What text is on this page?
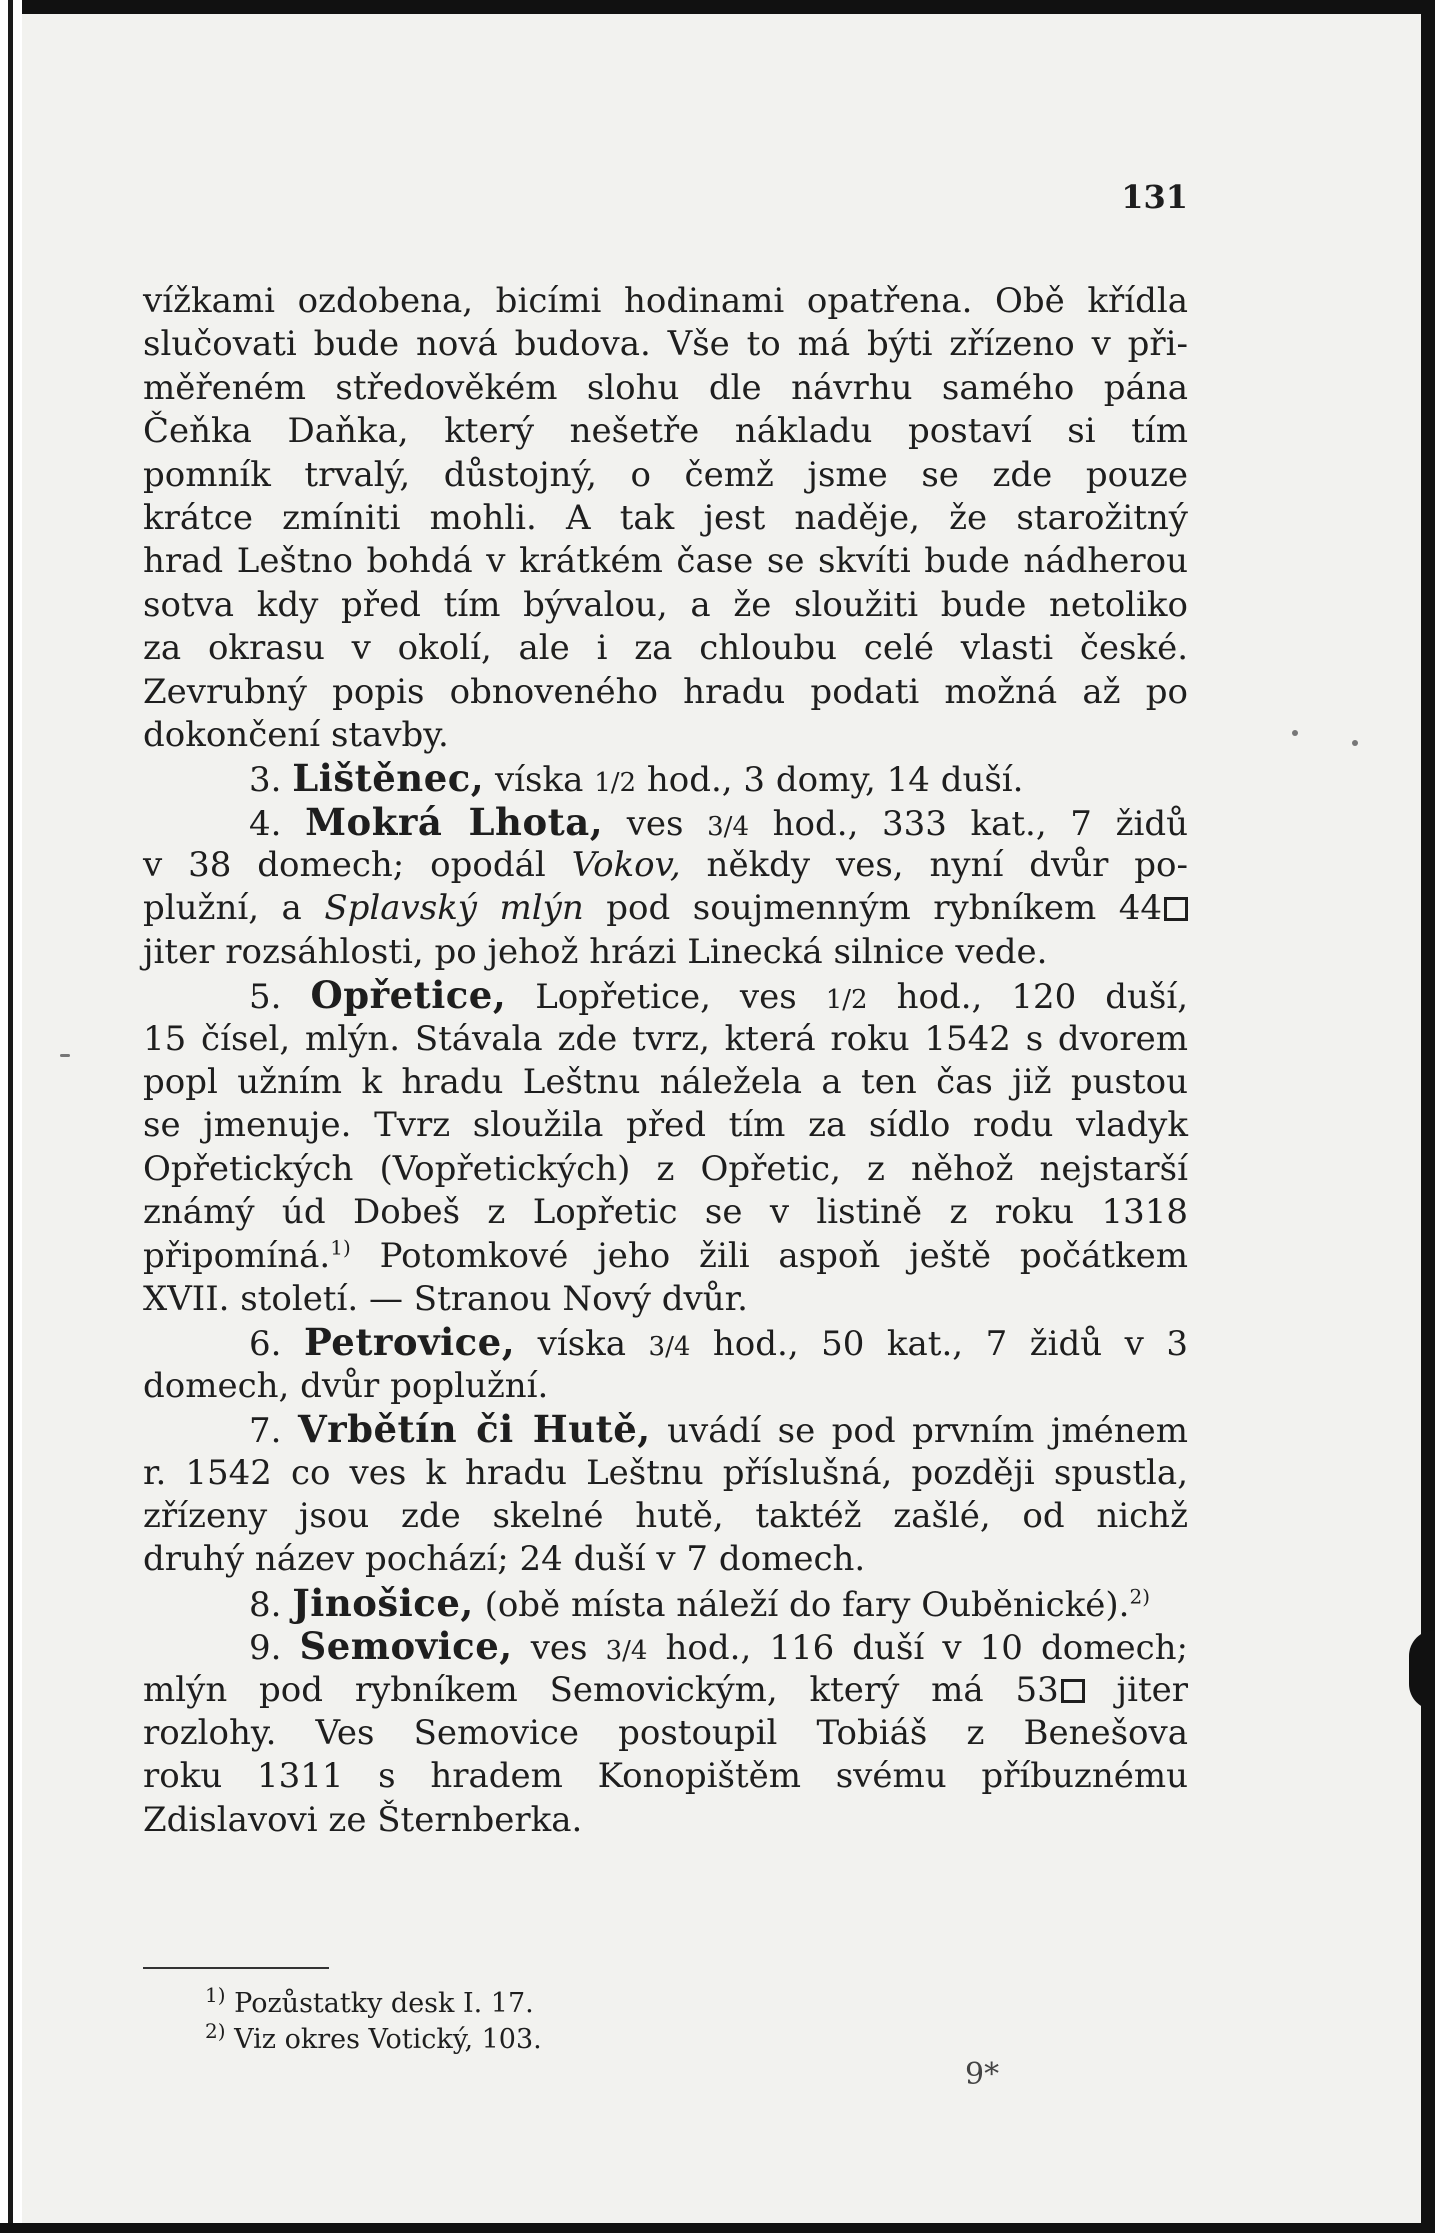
131
vížkami ozdobena, bicími hodinami opatřena. Obě křídla
slučovati bude nová budova. Vše to má býti zřízeno v při-
měřeném středověkém slohu dle návrhu samého pána
Čeňka Daňka, který nešetře nákladu postaví si tím
pomník trvalý, důstojný, o čemž jsme se zde pouze
krátce zmíniti mohli. A tak jest naděje, že starožitný
hrad Leštno bohdá v krátkém čase se skvíti bude nádherou
sotva kdy před tím bývalou, a že sloužiti bude netoliko
za okrasu v okolí, ale i za chloubu celé vlasti české.
Zevrubný popis obnoveného hradu podati možná až po
dokončení stavby.
3. Lištěnec, víska 1/2 hod., 3 domy, 14 duší.
4. Mokrá Lhota, ves 3/4 hod., 333 kat., 7 židů
v 38 domech; opodál Vokov, někdy ves, nyní dvůr po-
plužní, a Splavský mlýn pod soujmenným rybníkem 44
jiter rozsáhlosti, po jehož hrázi Linecká silnice vede.
5. Opřetice, Lopřetice, ves 1/2 hod., 120 duší,
15 čísel, mlýn. Stávala zde tvrz, která roku 1542 s dvorem
popl užním k hradu Leštnu náležela a ten čas již pustou
se jmenuje. Tvrz sloužila před tím za sídlo rodu vladyk
Opřetických (Vopřetických) z Opřetic, z něhož nejstarší
známý úd Dobeš z Lopřetic se v listině z roku 1318
připomíná.$^{1)}$ Potomkové jeho žili aspoň ještě počátkem
XVII. století. — Stranou Nový dvůr.
6. Petrovice, víska 3/4 hod., 50 kat., 7 židů v 3
domech, dvůr poplužní.
7. Vrbětín či Hutě, uvádí se pod prvním jménem
r. 1542 co ves k hradu Leštnu příslušná, později spustla,
zřízeny jsou zde skelné hutě, taktéž zašlé, od nichž
druhý název pochází; 24 duší v 7 domech.
8. Jinošice, (obě místa náleží do fary Ouběnické).$^{2)}$
9. Semovice, ves 3/4 hod., 116 duší v 10 domech;
mlýn pod rybníkem Semovickým, který má 53 jiter
rozlohy. Ves Semovice postoupil Tobiáš z Benešova
roku 1311 s hradem Konopištěm svému příbuznému
Zdislavovi ze Šternberka.
$^{1)}$ Pozůstatky desk I. 17.
$^{2)}$ Viz okres Votický, 103.
9*
